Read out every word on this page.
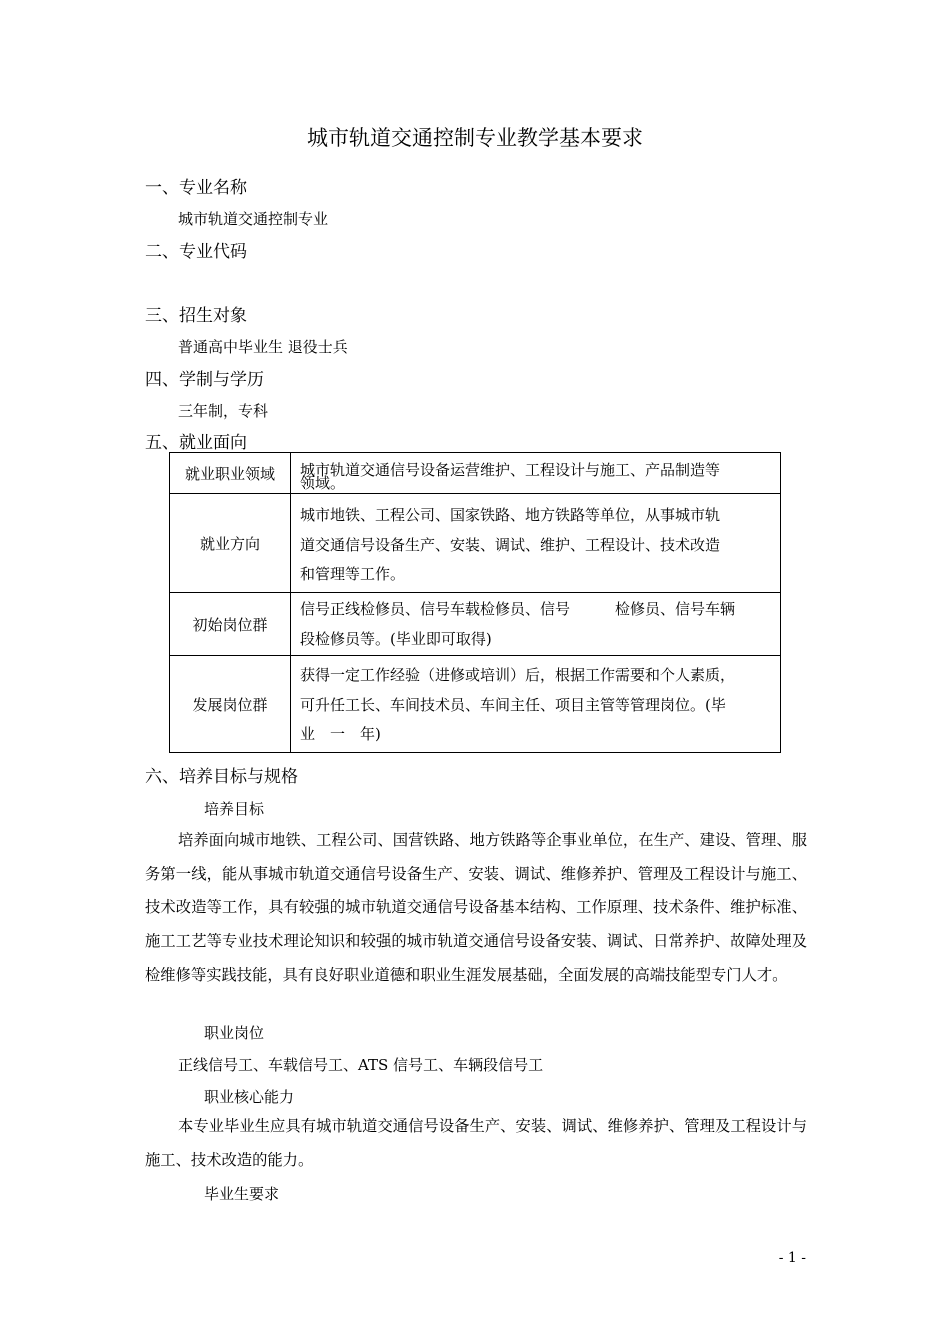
城市轨道交通控制专业教学基本要求
一、专业名称
城市轨道交通控制专业
二、专业代码
三、招生对象
普通高中毕业生 退役士兵
四、学制与学历
三年制，专科
五、就业面向
就业职业领域	城市轨道交通信号设备运营维护、工程设计与施工、产品制造等
领域。
就业方向
城市地铁、工程公司、国家铁路、地方铁路等单位，从事城市轨
道交通信号设备生产、安装、调试、维护、工程设计、技术改造
和管理等工作。
初始岗位群
信号正线检修员、信号车载检修员、信号　　　检修员、信号车辆
段检修员等。(毕业即可取得)
发展岗位群
获得一定工作经验（进修或培训）后，根据工作需要和个人素质，
可升任工长、车间技术员、车间主任、项目主管等管理岗位。(毕
业　一　年)
六、培养目标与规格
培养目标
培养面向城市地铁、工程公司、国营铁路、地方铁路等企事业单位，在生产、建设、管理、服务第一线，能从事城市轨道交通信号设备生产、安装、调试、维修养护、管理及工程设计与施工、技术改造等工作，具有较强的城市轨道交通信号设备基本结构、工作原理、技术条件、维护标准、施工工艺等专业技术理论知识和较强的城市轨道交通信号设备安装、调试、日常养护、故障处理及检维修等实践技能，具有良好职业道德和职业生涯发展基础，全面发展的高端技能型专门人才。
职业岗位
正线信号工、车载信号工、ATS 信号工、车辆段信号工
职业核心能力
本专业毕业生应具有城市轨道交通信号设备生产、安装、调试、维修养护、管理及工程设计与施工、技术改造的能力。
毕业生要求
- 1 -
